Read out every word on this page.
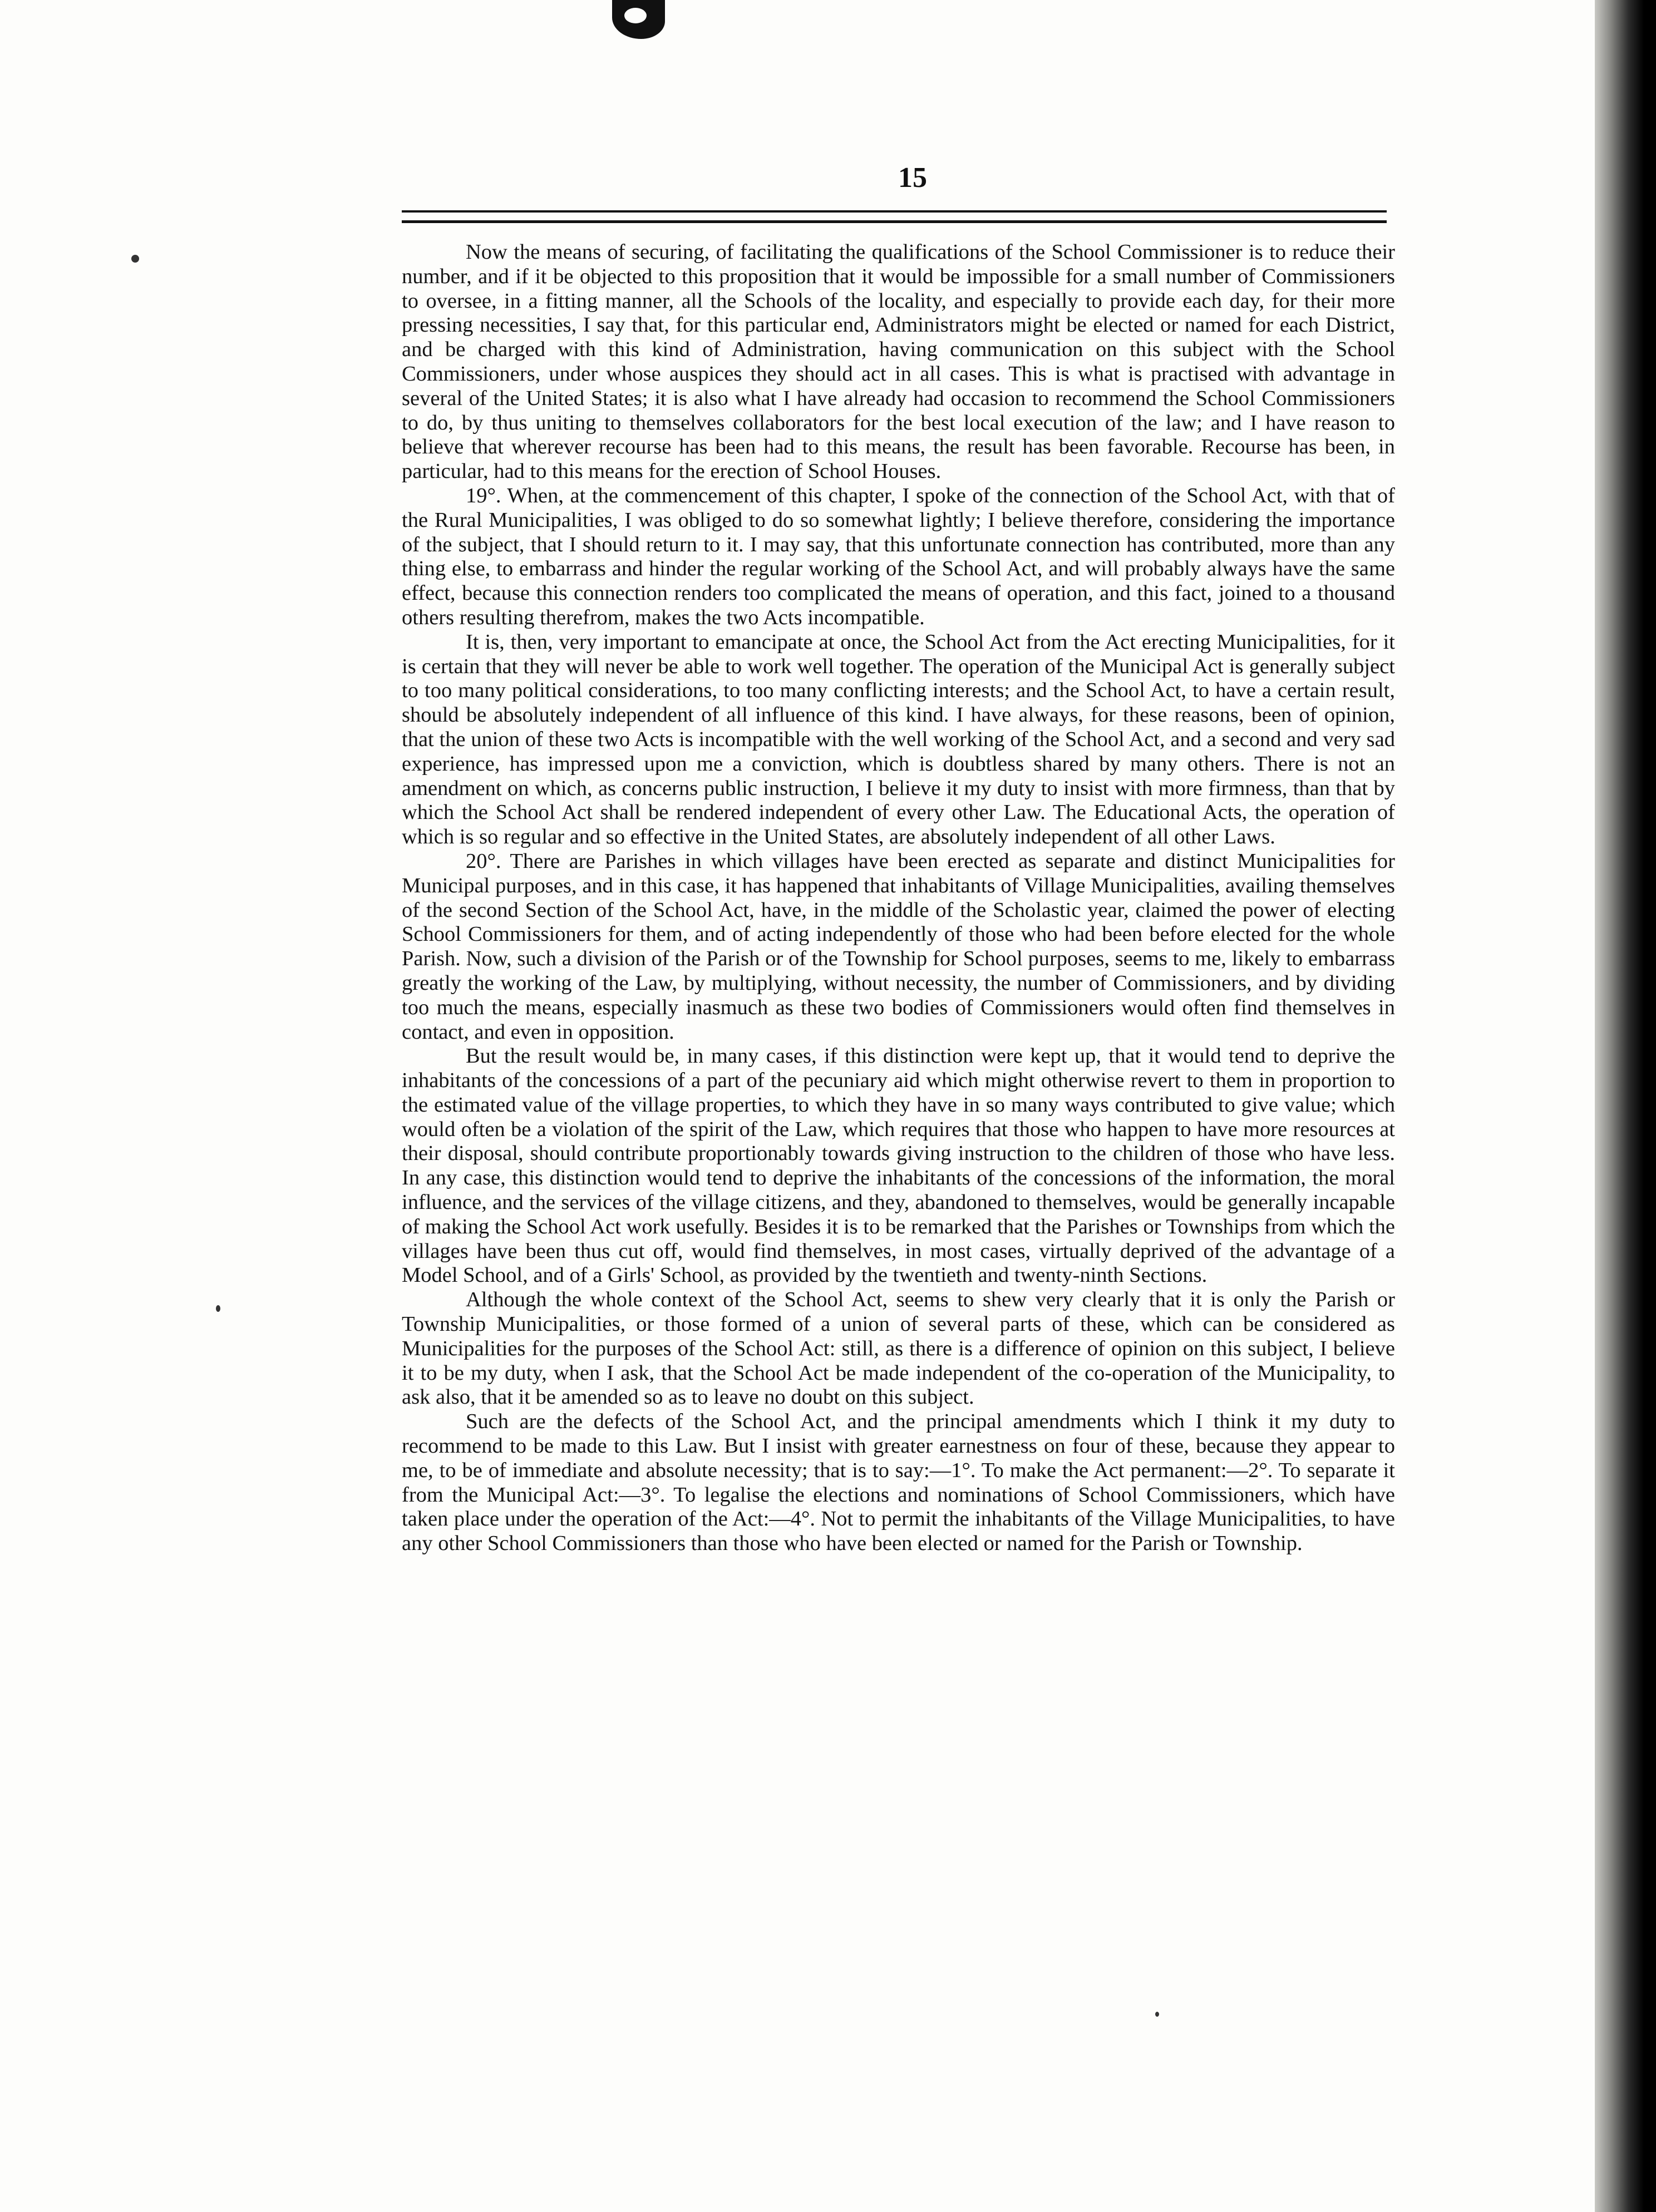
15

Now the means of securing, of facilitating the qualifications of the School Commissioner is to reduce their number, and if it be objected to this proposition that it would be impossible for a small number of Commissioners to oversee, in a fitting manner, all the Schools of the locality, and especially to provide each day, for their more pressing necessities, I say that, for this particular end, Administrators might be elected or named for each District, and be charged with this kind of Administration, having communication on this subject with the School Commissioners, under whose auspices they should act in all cases. This is what is practised with advantage in several of the United States; it is also what I have already had occasion to recommend the School Commissioners to do, by thus uniting to themselves collaborators for the best local execution of the law; and I have reason to believe that wherever recourse has been had to this means, the result has been favorable. Recourse has been, in particular, had to this means for the erection of School Houses.

19°. When, at the commencement of this chapter, I spoke of the connection of the School Act, with that of the Rural Municipalities, I was obliged to do so somewhat lightly; I believe therefore, considering the importance of the subject, that I should return to it. I may say, that this unfortunate connection has contributed, more than any thing else, to embarrass and hinder the regular working of the School Act, and will probably always have the same effect, because this connection renders too complicated the means of operation, and this fact, joined to a thousand others resulting therefrom, makes the two Acts incompatible.

It is, then, very important to emancipate at once, the School Act from the Act erecting Municipalities, for it is certain that they will never be able to work well together. The operation of the Municipal Act is generally subject to too many political considerations, to too many conflicting interests; and the School Act, to have a certain result, should be absolutely independent of all influence of this kind. I have always, for these reasons, been of opinion, that the union of these two Acts is incompatible with the well working of the School Act, and a second and very sad experience, has impressed upon me a conviction, which is doubtless shared by many others. There is not an amendment on which, as concerns public instruction, I believe it my duty to insist with more firmness, than that by which the School Act shall be rendered independent of every other Law. The Educational Acts, the operation of which is so regular and so effective in the United States, are absolutely independent of all other Laws.

20°. There are Parishes in which villages have been erected as separate and distinct Municipalities for Municipal purposes, and in this case, it has happened that inhabitants of Village Municipalities, availing themselves of the second Section of the School Act, have, in the middle of the Scholastic year, claimed the power of electing School Commissioners for them, and of acting independently of those who had been before elected for the whole Parish. Now, such a division of the Parish or of the Township for School purposes, seems to me, likely to embarrass greatly the working of the Law, by multiplying, without necessity, the number of Commissioners, and by dividing too much the means, especially inasmuch as these two bodies of Commissioners would often find themselves in contact, and even in opposition.

But the result would be, in many cases, if this distinction were kept up, that it would tend to deprive the inhabitants of the concessions of a part of the pecuniary aid which might otherwise revert to them in proportion to the estimated value of the village properties, to which they have in so many ways contributed to give value; which would often be a violation of the spirit of the Law, which requires that those who happen to have more resources at their disposal, should contribute proportionably towards giving instruction to the children of those who have less. In any case, this distinction would tend to deprive the inhabitants of the concessions of the information, the moral influence, and the services of the village citizens, and they, abandoned to themselves, would be generally incapable of making the School Act work usefully. Besides it is to be remarked that the Parishes or Townships from which the villages have been thus cut off, would find themselves, in most cases, virtually deprived of the advantage of a Model School, and of a Girls' School, as provided by the twentieth and twenty-ninth Sections.

Although the whole context of the School Act, seems to shew very clearly that it is only the Parish or Township Municipalities, or those formed of a union of several parts of these, which can be considered as Municipalities for the purposes of the School Act: still, as there is a difference of opinion on this subject, I believe it to be my duty, when I ask, that the School Act be made independent of the co-operation of the Municipality, to ask also, that it be amended so as to leave no doubt on this subject.

Such are the defects of the School Act, and the principal amendments which I think it my duty to recommend to be made to this Law. But I insist with greater earnestness on four of these, because they appear to me, to be of immediate and absolute necessity; that is to say:—1°. To make the Act permanent:—2°. To separate it from the Municipal Act:—3°. To legalise the elections and nominations of School Commissioners, which have taken place under the operation of the Act:—4°. Not to permit the inhabitants of the Village Municipalities, to have any other School Commissioners than those who have been elected or named for the Parish or Township.
